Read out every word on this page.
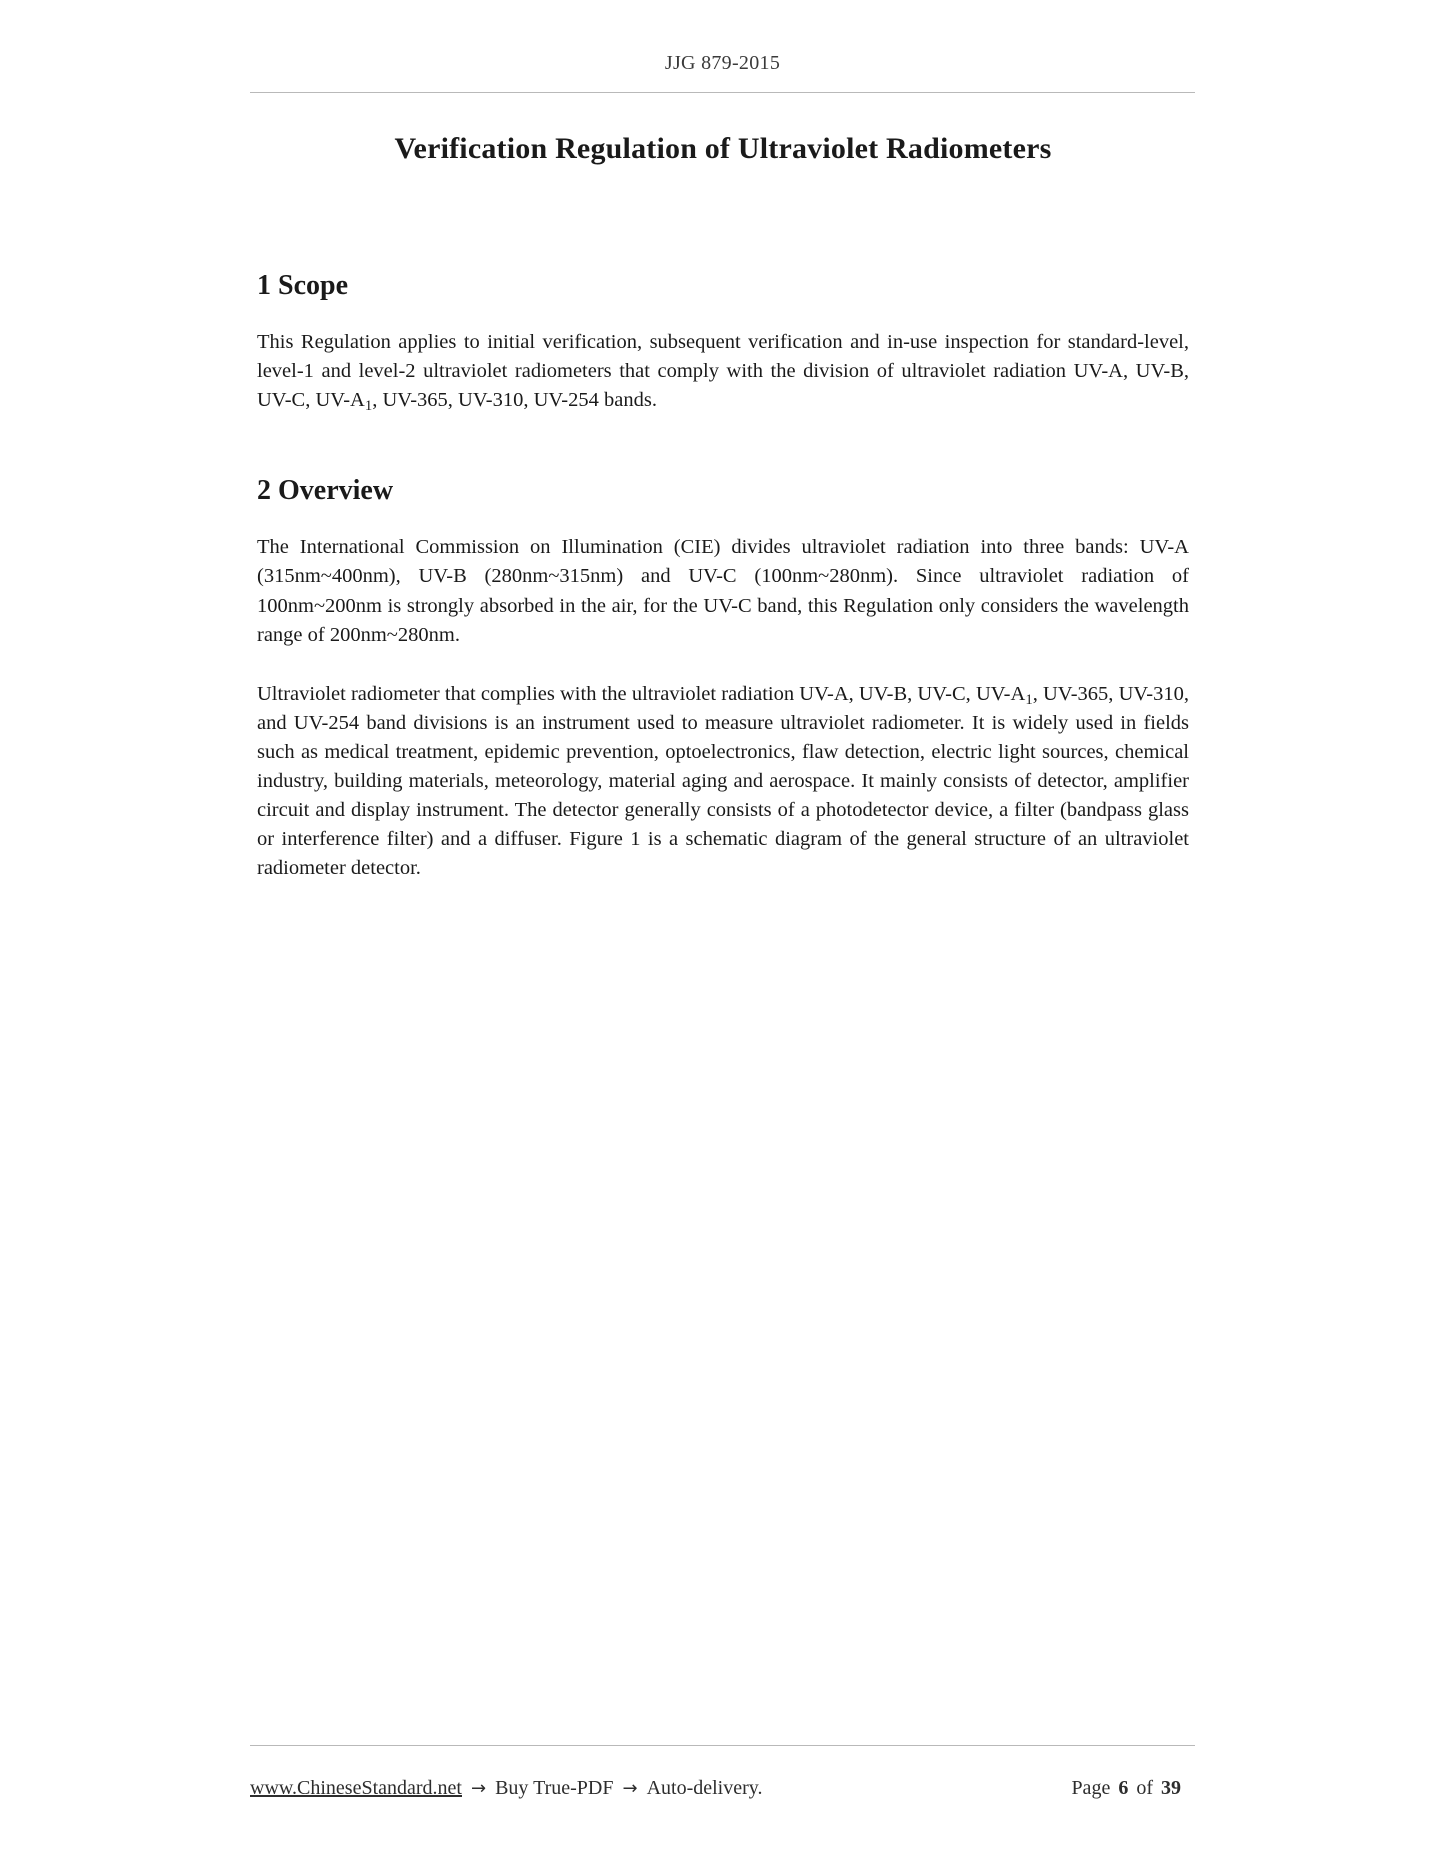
JJG 879-2015
Verification Regulation of Ultraviolet Radiometers
1 Scope

This Regulation applies to initial verification, subsequent verification and in-use inspection for standard-level, level-1 and level-2 ultraviolet radiometers that comply with the division of ultraviolet radiation UV-A, UV-B, UV-C, $UV-A_1$, UV-365, UV-310, UV-254 bands.

2 Overview

The International Commission on Illumination (CIE) divides ultraviolet radiation into three bands: UV-A (315nm~400nm), UV-B (280nm~315nm) and UV-C (100nm~280nm). Since ultraviolet radiation of 100nm~200nm is strongly absorbed in the air, for the UV-C band, this Regulation only considers the wavelength range of 200nm~280nm.

Ultraviolet radiometer that complies with the ultraviolet radiation UV-A, UV-B, UV-C, $UV-A_1$, UV-365, UV-310, and UV-254 band divisions is an instrument used to measure ultraviolet radiometer. It is widely used in fields such as medical treatment, epidemic prevention, optoelectronics, flaw detection, electric light sources, chemical industry, building materials, meteorology, material aging and aerospace. It mainly consists of detector, amplifier circuit and display instrument. The detector generally consists of a photodetector device, a filter (bandpass glass or interference filter) and a diffuser. Figure 1 is a schematic diagram of the general structure of an ultraviolet radiometer detector.

www.ChineseStandard.net → Buy True-PDF → Auto-delivery.	Page 6 of 39
